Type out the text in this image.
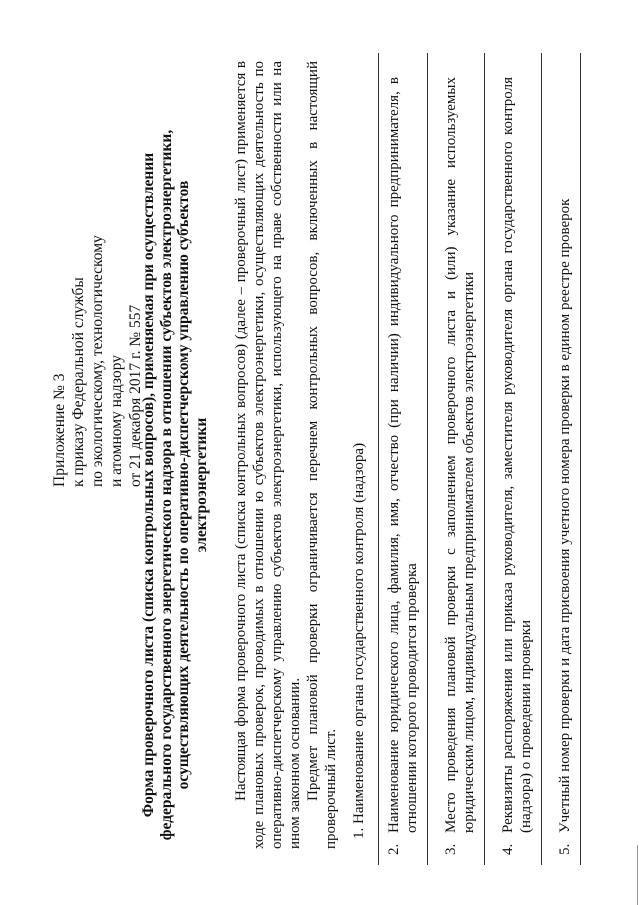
Приложение № 3 к приказу Федеральной службы по экологическому, технологическому и атомному надзору от 21 декабря 2017 г. № 557
Форма проверочного листа (списка контрольных вопросов), применяемая при осуществлении федерального государственного энергетического надзора в отношении субъектов электроэнергетики, осуществляющих деятельность по оперативно-диспетчерскому управлению субъектов электроэнергетики Настоящая форма проверочного листа (списка контрольных вопросов) (далее – проверочный лист) применяется в ходе плановых проверок, проводимых в отношении ю субъектов электроэнергетики, осуществляющих деятельность по оперативно-диспетчерскому управлению субъектов электроэнергетики, использующего на праве собственности или на ином законном основании. Предмет плановой проверки ограничивается перечнем контрольных вопросов, включенных в настоящий проверочный лист. 1. Наименование органа государственного контроля (надзора)
2.
Наименование юридического лица, фамилия, имя, отчество (при наличии) индивидуального предпринимателя, в отношении которого проводится проверка
3.
Место проведения плановой проверки с заполнением проверочного листа и (или) указание используемых юридическим лицом, индивидуальным предпринимателем объектов электроэнергетики
4.
Реквизиты распоряжения или приказа руководителя, заместителя руководителя органа государственного контроля (надзора) о проведении проверки
5.
Учетный номер проверки и дата присвоения учетного номера проверки в едином реестре проверок
